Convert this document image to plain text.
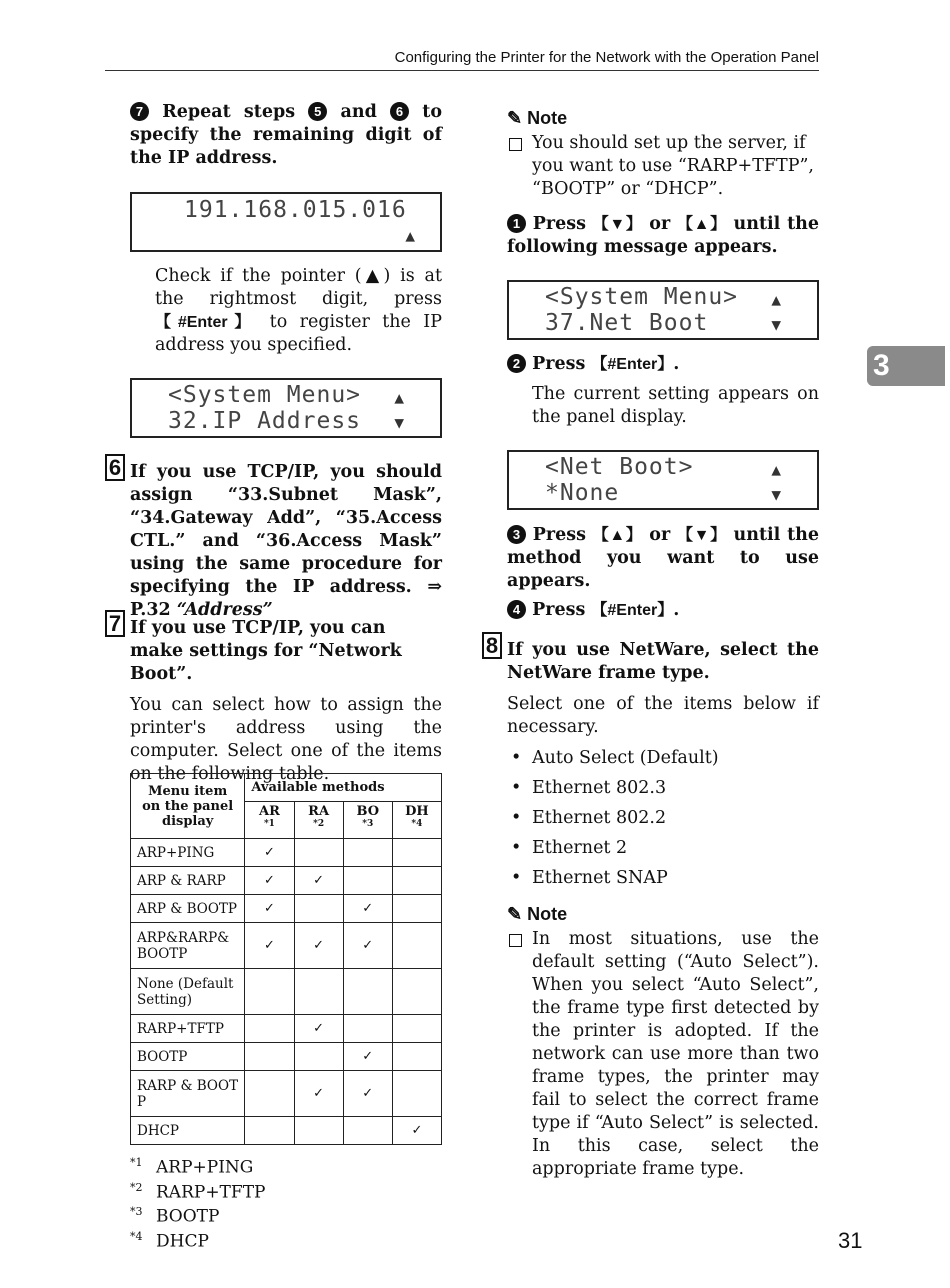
Configuring the Printer for the Network with the Operation Panel
3
7 Repeat steps 5 and 6 to specify the remaining digit of the IP address.
191.168.015.016
▲
Check if the pointer (▲) is at the rightmost digit, press 【#Enter】 to register the IP address you specified.
<System Menu>
32.IP Address
▲
▼
6 If you use TCP/IP, you should assign “33.Subnet Mask”, “34.Gateway Add”, “35.Access CTL.” and “36.Access Mask” using the same procedure for specifying the IP address. ⇒ P.32 “Address”
7 If you use TCP/IP, you can make settings for “Network Boot”.
You can select how to assign the printer's address using the computer. Select one of the items on the following table.
Menu item on the panel display	Available methods			
	AR $^{*1}$	RA $^{*2}$	BO $^{*3}$	DH $^{*4}$
ARP+PING	✓			
ARP & RARP	✓	✓		
ARP & BOOTP	✓		✓	
ARP&RARP&BOOTP	✓	✓	✓	
None (Default Setting)				
RARP+TFTP		✓		
BOOTP			✓	
RARP & BOOTP		✓	✓	
DHCP				✓
$^{*1}$ ARP+PING
$^{*2}$ RARP+TFTP
$^{*3}$ BOOTP
$^{*4}$ DHCP
✎ Note
You should set up the server, if you want to use “RARP+TFTP”, “BOOTP” or “DHCP”.
1 Press 【▼】 or 【▲】 until the following message appears.
<System Menu>
37.Net Boot
▲
▼
2 Press 【#Enter】.
The current setting appears on the panel display.
<Net Boot>
*None
▲
▼
3 Press 【▲】 or 【▼】 until the method you want to use appears.
4 Press 【#Enter】.
8 If you use NetWare, select the NetWare frame type.
Select one of the items below if necessary.
• Auto Select (Default)
• Ethernet 802.3
• Ethernet 802.2
• Ethernet 2
• Ethernet SNAP
✎ Note
In most situations, use the default setting (“Auto Select”). When you select “Auto Select”, the frame type first detected by the printer is adopted. If the network can use more than two frame types, the printer may fail to select the correct frame type if “Auto Select” is selected. In this case, select the appropriate frame type.
31
